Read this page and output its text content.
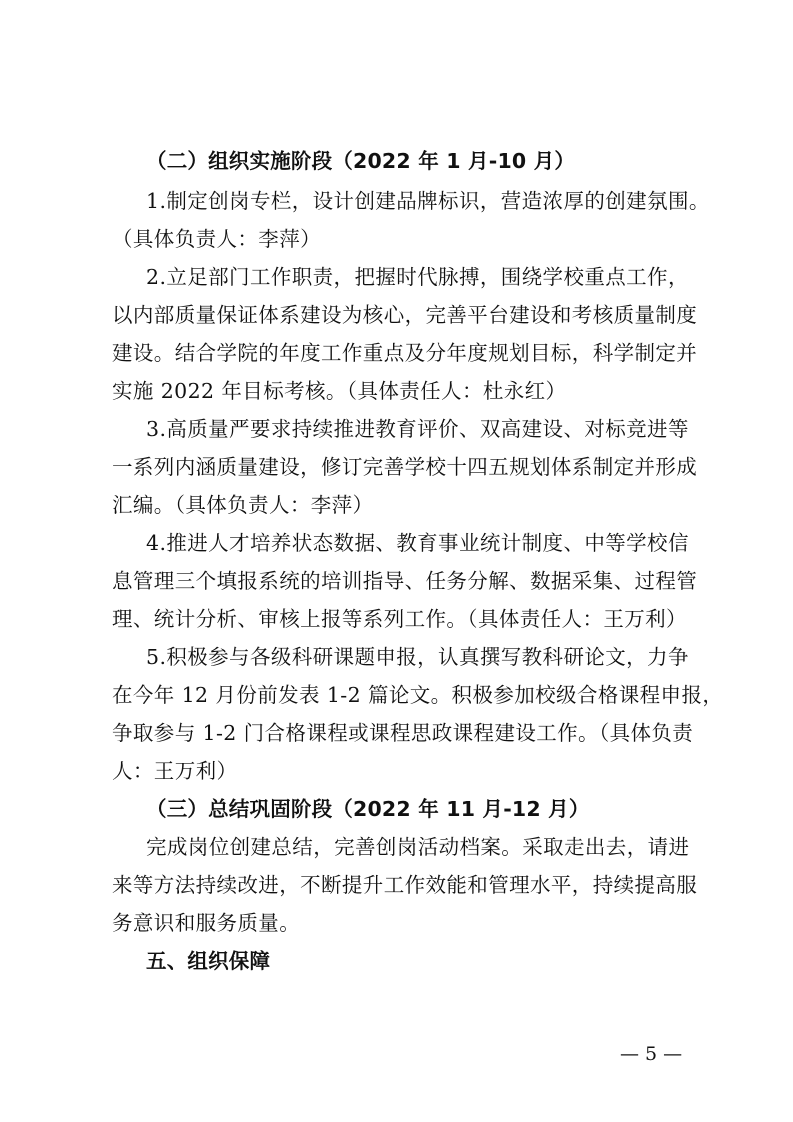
（二）组织实施阶段（2022 年 1 月-10 月）
1.制定创岗专栏，设计创建品牌标识，营造浓厚的创建氛围。
（具体负责人：李萍）
2.立足部门工作职责，把握时代脉搏，围绕学校重点工作，
以内部质量保证体系建设为核心，完善平台建设和考核质量制度
建设。结合学院的年度工作重点及分年度规划目标，科学制定并
实施 2022 年目标考核。（具体责任人：杜永红）
3.高质量严要求持续推进教育评价、双高建设、对标竞进等
一系列内涵质量建设，修订完善学校十四五规划体系制定并形成
汇编。（具体负责人：李萍）
4.推进人才培养状态数据、教育事业统计制度、中等学校信
息管理三个填报系统的培训指导、任务分解、数据采集、过程管
理、统计分析、审核上报等系列工作。（具体责任人：王万利）
5.积极参与各级科研课题申报，认真撰写教科研论文，力争
在今年 12 月份前发表 1-2 篇论文。积极参加校级合格课程申报，
争取参与 1-2 门合格课程或课程思政课程建设工作。（具体负责
人：王万利）
（三）总结巩固阶段（2022 年 11 月-12 月）
完成岗位创建总结，完善创岗活动档案。采取走出去，请进
来等方法持续改进，不断提升工作效能和管理水平，持续提高服
务意识和服务质量。
五、组织保障
— 5 —
